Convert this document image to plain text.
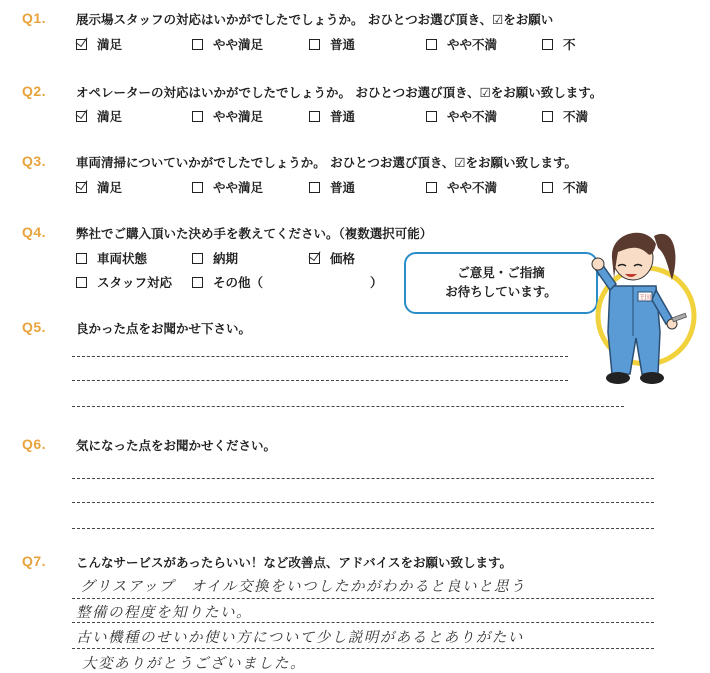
Q1. 展示場スタッフの対応はいかがでしたでしょうか。 おひとつお選び頂き、☑をお願い
満足	やや満足	普通	やや不満	不
Q2. オペレーターの対応はいかがでしたでしょうか。 おひとつお選び頂き、☑をお願い致します。
満足	やや満足	普通	やや不満	不満
Q3. 車両清掃についていかがでしたでしょうか。 おひとつお選び頂き、☑をお願い致します。
満足	やや満足	普通	やや不満	不満
Q4. 弊社でご購入頂いた決め手を教えてください。（複数選択可能）
車両状態	納期	価格
スタッフ対応	その他（	）
ご意見・ご指摘
お待ちしています。	王国
Q5. 良かった点をお聞かせ下さい。
Q6. 気になった点をお聞かせください。
Q7. こんなサービスがあったらいい！など改善点、アドバイスをお願い致します。
グリスアップ　オイル交換をいつしたかがわかると良いと思う
整備の程度を知りたい。
古い機種のせいか使い方について少し説明があるとありがたい
大変ありがとうございました。
